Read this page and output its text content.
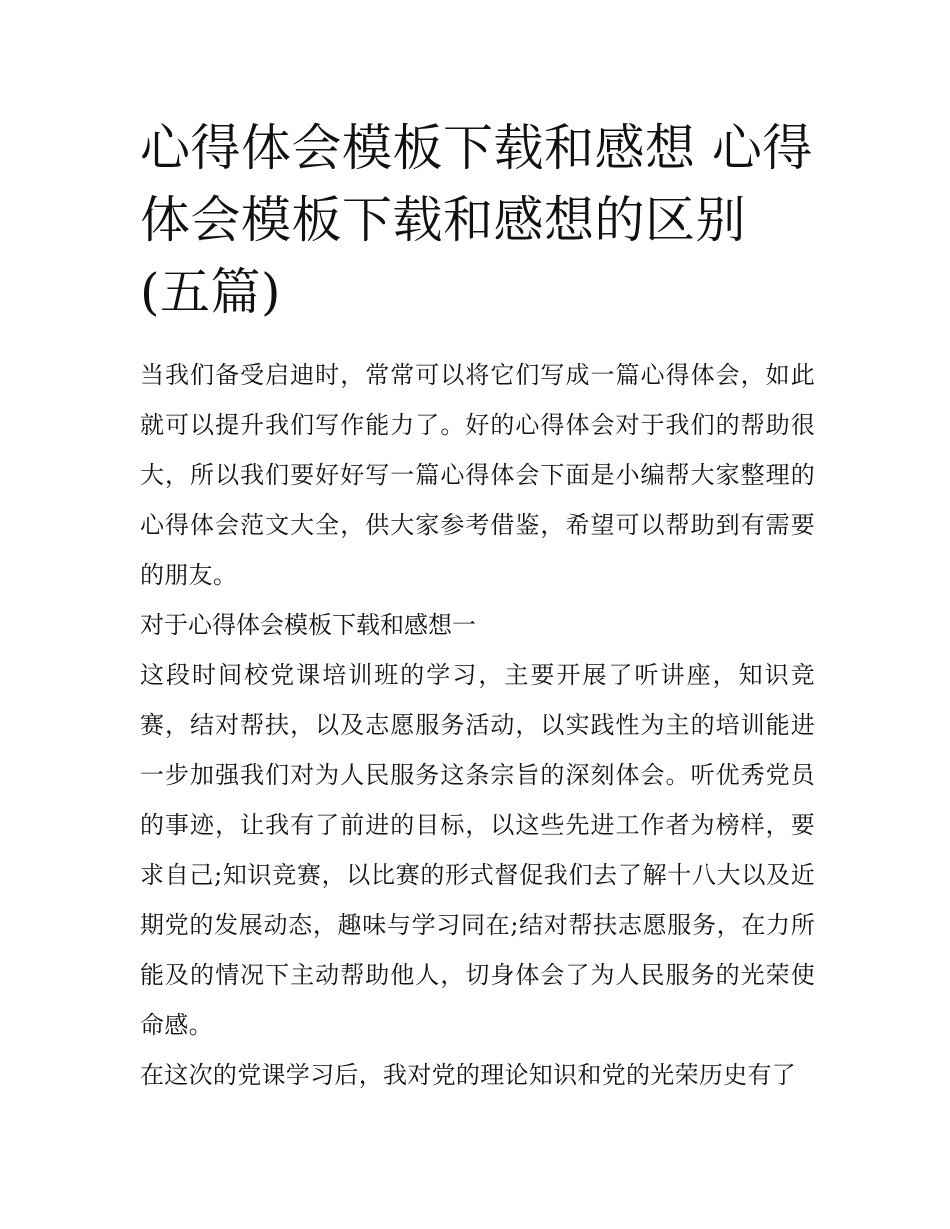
心得体会模板下载和感想 心得体会模板下载和感想的区别(五篇)

当我们备受启迪时，常常可以将它们写成一篇心得体会，如此就可以提升我们写作能力了。好的心得体会对于我们的帮助很大，所以我们要好好写一篇心得体会下面是小编帮大家整理的心得体会范文大全，供大家参考借鉴，希望可以帮助到有需要的朋友。

对于心得体会模板下载和感想一

这段时间校党课培训班的学习，主要开展了听讲座，知识竞赛，结对帮扶，以及志愿服务活动，以实践性为主的培训能进一步加强我们对为人民服务这条宗旨的深刻体会。听优秀党员的事迹，让我有了前进的目标，以这些先进工作者为榜样，要求自己;知识竞赛，以比赛的形式督促我们去了解十八大以及近期党的发展动态，趣味与学习同在;结对帮扶志愿服务，在力所能及的情况下主动帮助他人，切身体会了为人民服务的光荣使命感。

在这次的党课学习后，我对党的理论知识和党的光荣历史有了
